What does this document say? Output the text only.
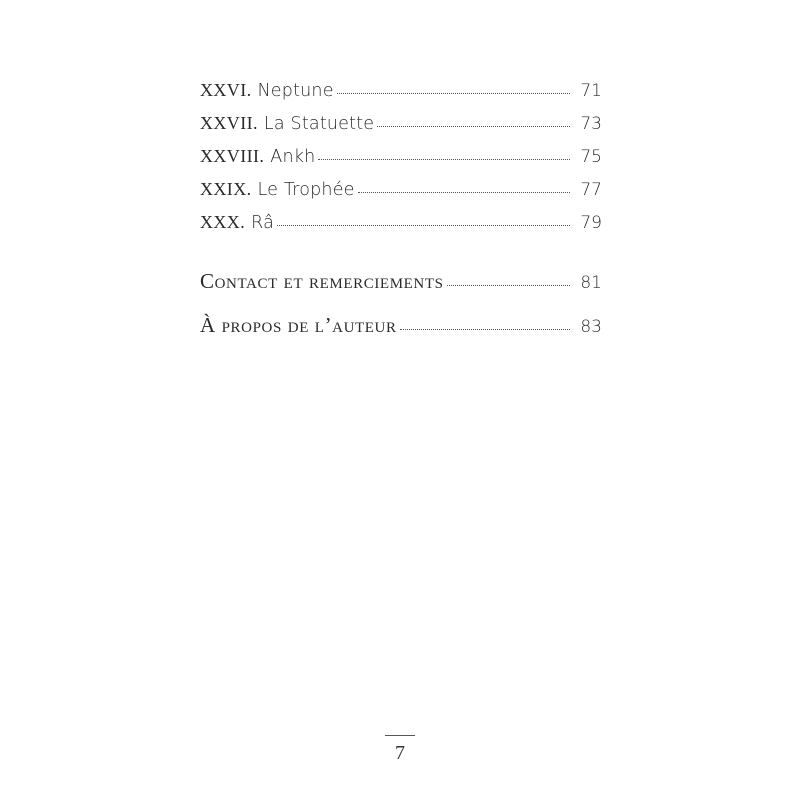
XXVI. Neptune	71
XXVII. La Statuette	73
XXVIII. Ankh	75
XXIX. Le Trophée	77
XXX. Râ	79
Contact et remerciements	81
À propos de l’auteur	83
7
